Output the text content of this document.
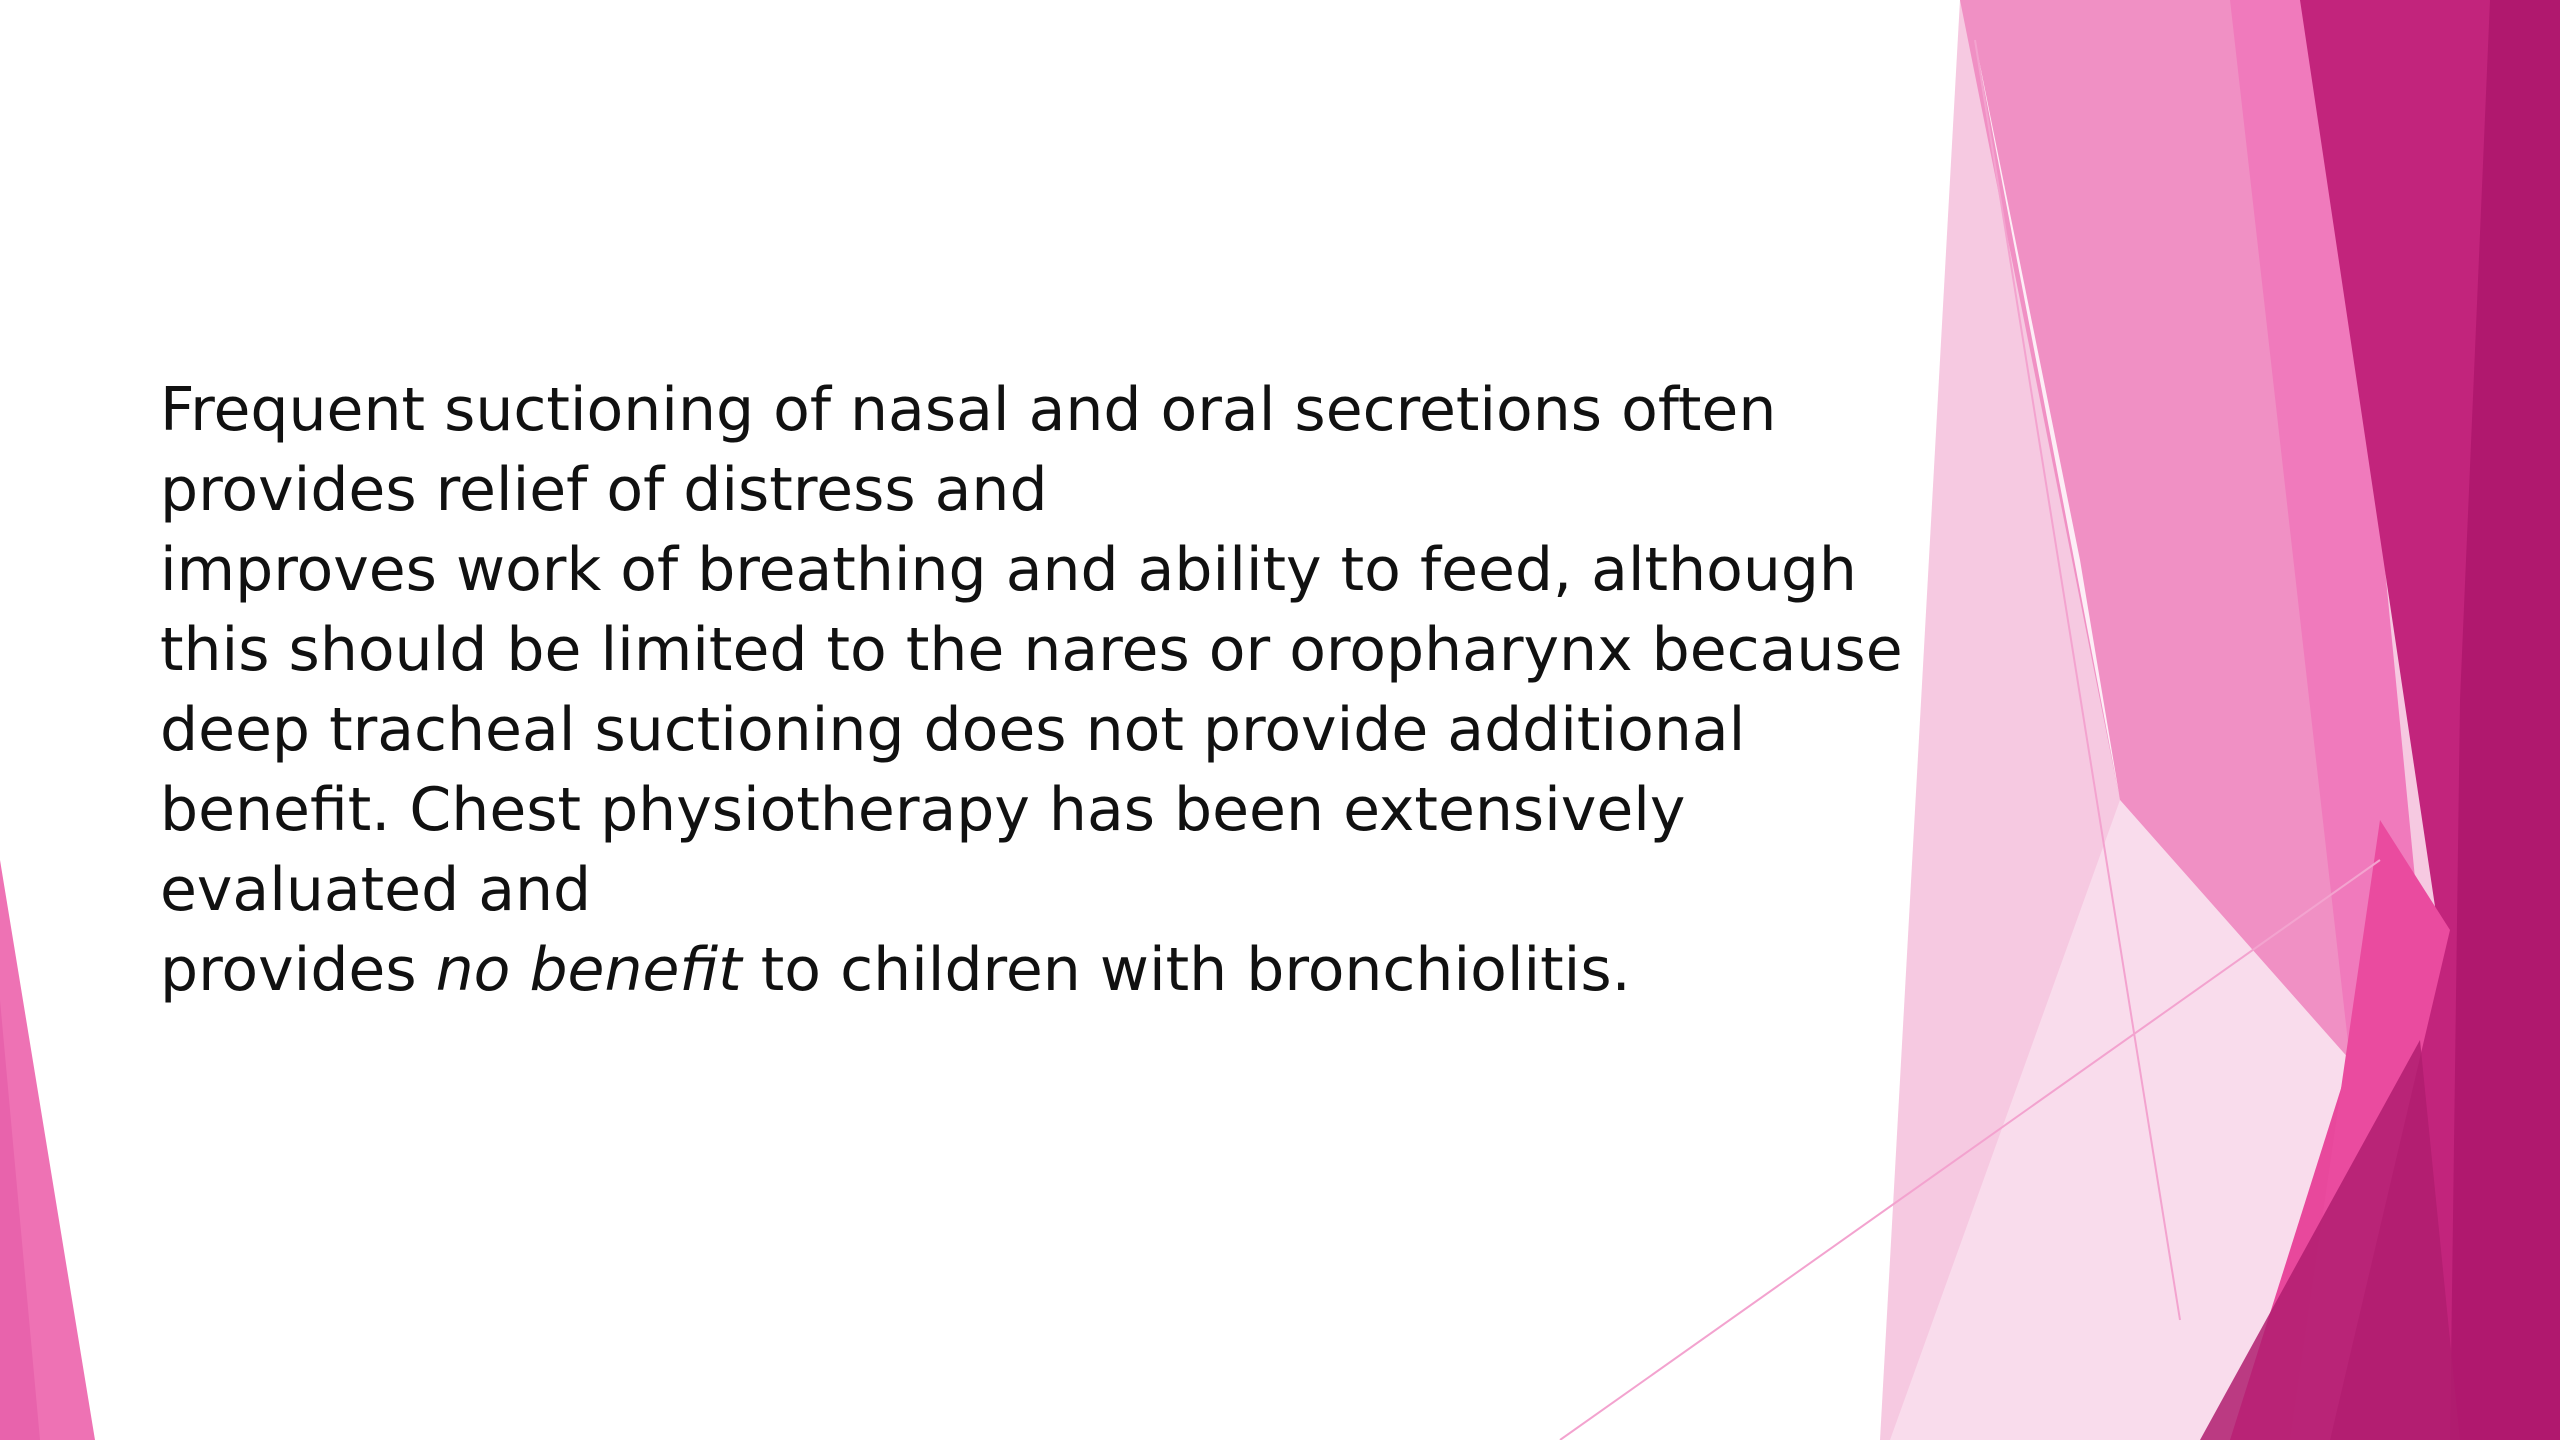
Frequent suctioning of nasal and oral secretions often
provides relief of distress and
improves work of breathing and ability to feed, although
this should be limited to the nares or oropharynx because
deep tracheal suctioning does not provide additional
benefit. Chest physiotherapy has been extensively
evaluated and
provides no benefit to children with bronchiolitis.
